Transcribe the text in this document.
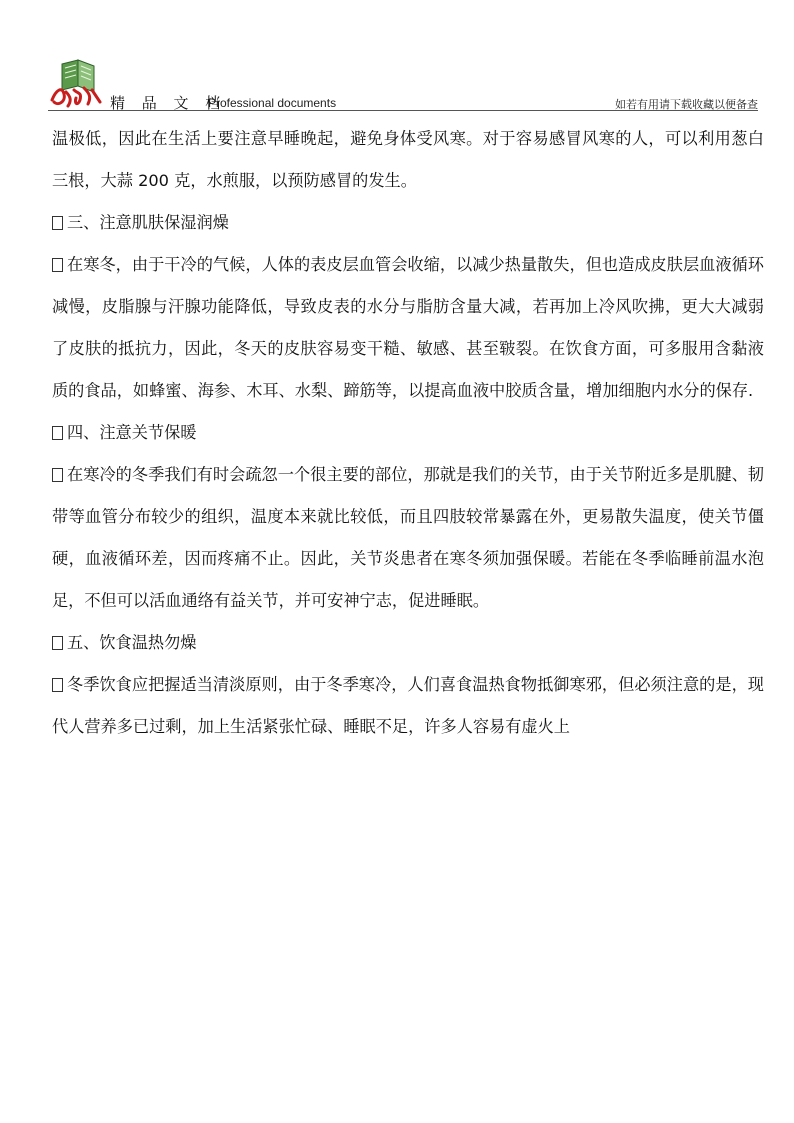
精 品 文 档
Professional documents	如若有用请下载收藏以便备查

温极低，因此在生活上要注意早睡晚起，避免身体受风寒。对于容易感冒风寒的人，可以利用葱白三根，大蒜 200 克，水煎服，以预防感冒的发生。

三、注意肌肤保湿润燥

在寒冬，由于干冷的气候，人体的表皮层血管会收缩，以减少热量散失，但也造成皮肤层血液循环减慢，皮脂腺与汗腺功能降低，导致皮表的水分与脂肪含量大减，若再加上冷风吹拂，更大大减弱了皮肤的抵抗力，因此，冬天的皮肤容易变干糙、敏感、甚至皲裂。在饮食方面，可多服用含黏液质的食品，如蜂蜜、海参、木耳、水梨、蹄筋等，以提高血液中胶质含量，增加细胞内水分的保存.

四、注意关节保暖

在寒冷的冬季我们有时会疏忽一个很主要的部位，那就是我们的关节，由于关节附近多是肌腱、韧带等血管分布较少的组织，温度本来就比较低，而且四肢较常暴露在外，更易散失温度，使关节僵硬，血液循环差，因而疼痛不止。因此，关节炎患者在寒冬须加强保暖。若能在冬季临睡前温水泡足，不但可以活血通络有益关节，并可安神宁志，促进睡眠。

五、饮食温热勿燥

冬季饮食应把握适当清淡原则，由于冬季寒冷，人们喜食温热食物抵御寒邪，但必须注意的是，现代人营养多已过剩，加上生活紧张忙碌、睡眠不足，许多人容易有虚火上
